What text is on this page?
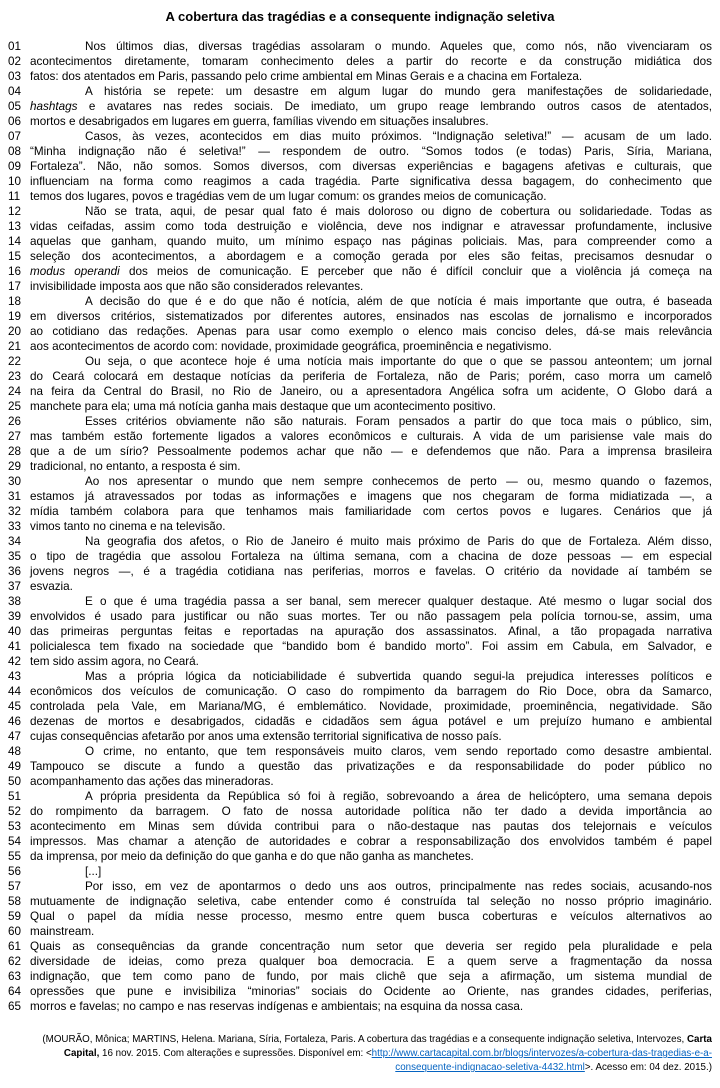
A cobertura das tragédias e a consequente indignação seletiva
01	Nos últimos dias, diversas tragédias assolaram o mundo. Aqueles que, como nós, não vivenciaram os
02 acontecimentos diretamente, tomaram conhecimento deles a partir do recorte e da construção midiática dos
03 fatos: dos atentados em Paris, passando pelo crime ambiental em Minas Gerais e a chacina em Fortaleza.
04	A história se repete: um desastre em algum lugar do mundo gera manifestações de solidariedade,
05 hashtags e avatares nas redes sociais. De imediato, um grupo reage lembrando outros casos de atentados,
06 mortos e desabrigados em lugares em guerra, famílias vivendo em situações insalubres.
07	Casos, às vezes, acontecidos em dias muito próximos. “Indignação seletiva!” — acusam de um lado.
08 “Minha indignação não é seletiva!” — respondem de outro. “Somos todos (e todas) Paris, Síria, Mariana,
09 Fortaleza”. Não, não somos. Somos diversos, com diversas experiências e bagagens afetivas e culturais, que
10 influenciam na forma como reagimos a cada tragédia. Parte significativa dessa bagagem, do conhecimento que
11 temos dos lugares, povos e tragédias vem de um lugar comum: os grandes meios de comunicação.
12	Não se trata, aqui, de pesar qual fato é mais doloroso ou digno de cobertura ou solidariedade. Todas as
13 vidas ceifadas, assim como toda destruição e violência, deve nos indignar e atravessar profundamente, inclusive
14 aquelas que ganham, quando muito, um mínimo espaço nas páginas policiais. Mas, para compreender como a
15 seleção dos acontecimentos, a abordagem e a comoção gerada por eles são feitas, precisamos desnudar o
16 modus operandi dos meios de comunicação. E perceber que não é difícil concluir que a violência já começa na
17 invisibilidade imposta aos que não são considerados relevantes.
18	A decisão do que é e do que não é notícia, além de que notícia é mais importante que outra, é baseada
19 em diversos critérios, sistematizados por diferentes autores, ensinados nas escolas de jornalismo e incorporados
20 ao cotidiano das redações. Apenas para usar como exemplo o elenco mais conciso deles, dá-se mais relevância
21 aos acontecimentos de acordo com: novidade, proximidade geográfica, proeminência e negativismo.
22	Ou seja, o que acontece hoje é uma notícia mais importante do que o que se passou anteontem; um jornal
23 do Ceará colocará em destaque notícias da periferia de Fortaleza, não de Paris; porém, caso morra um camelô
24 na feira da Central do Brasil, no Rio de Janeiro, ou a apresentadora Angélica sofra um acidente, O Globo dará a
25 manchete para ela; uma má notícia ganha mais destaque que um acontecimento positivo.
26	Esses critérios obviamente não são naturais. Foram pensados a partir do que toca mais o público, sim,
27 mas também estão fortemente ligados a valores econômicos e culturais. A vida de um parisiense vale mais do
28 que a de um sírio? Pessoalmente podemos achar que não — e defendemos que não. Para a imprensa brasileira
29 tradicional, no entanto, a resposta é sim.
30	Ao nos apresentar o mundo que nem sempre conhecemos de perto — ou, mesmo quando o fazemos,
31 estamos já atravessados por todas as informações e imagens que nos chegaram de forma midiatizada —, a
32 mídia também colabora para que tenhamos mais familiaridade com certos povos e lugares. Cenários que já
33 vimos tanto no cinema e na televisão.
34	Na geografia dos afetos, o Rio de Janeiro é muito mais próximo de Paris do que de Fortaleza. Além disso,
35 o tipo de tragédia que assolou Fortaleza na última semana, com a chacina de doze pessoas — em especial
36 jovens negros —, é a tragédia cotidiana nas periferias, morros e favelas. O critério da novidade aí também se
37 esvazia.
38	E o que é uma tragédia passa a ser banal, sem merecer qualquer destaque. Até mesmo o lugar social dos
39 envolvidos é usado para justificar ou não suas mortes. Ter ou não passagem pela polícia tornou-se, assim, uma
40 das primeiras perguntas feitas e reportadas na apuração dos assassinatos. Afinal, a tão propagada narrativa
41 policialesca tem fixado na sociedade que “bandido bom é bandido morto”. Foi assim em Cabula, em Salvador, e
42 tem sido assim agora, no Ceará.
43	Mas a própria lógica da noticiabilidade é subvertida quando segui-la prejudica interesses políticos e
44 econômicos dos veículos de comunicação. O caso do rompimento da barragem do Rio Doce, obra da Samarco,
45 controlada pela Vale, em Mariana/MG, é emblemático. Novidade, proximidade, proeminência, negatividade. São
46 dezenas de mortos e desabrigados, cidadãs e cidadãos sem água potável e um prejuízo humano e ambiental
47 cujas consequências afetarão por anos uma extensão territorial significativa de nosso país.
48	O crime, no entanto, que tem responsáveis muito claros, vem sendo reportado como desastre ambiental.
49 Tampouco se discute a fundo a questão das privatizações e da responsabilidade do poder público no
50 acompanhamento das ações das mineradoras.
51	A própria presidenta da República só foi à região, sobrevoando a área de helicóptero, uma semana depois
52 do rompimento da barragem. O fato de nossa autoridade política não ter dado a devida importância ao
53 acontecimento em Minas sem dúvida contribui para o não-destaque nas pautas dos telejornais e veículos
54 impressos. Mas chamar a atenção de autoridades e cobrar a responsabilização dos envolvidos também é papel
55 da imprensa, por meio da definição do que ganha e do que não ganha as manchetes.
56	[...]
57	Por isso, em vez de apontarmos o dedo uns aos outros, principalmente nas redes sociais, acusando-nos
58 mutuamente de indignação seletiva, cabe entender como é construída tal seleção no nosso próprio imaginário.
59 Qual o papel da mídia nesse processo, mesmo entre quem busca coberturas e veículos alternativos ao
60 mainstream.
61 Quais as consequências da grande concentração num setor que deveria ser regido pela pluralidade e pela
62 diversidade de ideias, como preza qualquer boa democracia. E a quem serve a fragmentação da nossa
63 indignação, que tem como pano de fundo, por mais clichê que seja a afirmação, um sistema mundial de
64 opressões que pune e invisibiliza “minorias” sociais do Ocidente ao Oriente, nas grandes cidades, periferias,
65 morros e favelas; no campo e nas reservas indígenas e ambientais; na esquina da nossa casa.
(MOURÃO, Mônica; MARTINS, Helena. Mariana, Síria, Fortaleza, Paris. A cobertura das tragédias e a consequente indignação seletiva, Intervozes, Carta Capital, 16 nov. 2015. Com alterações e supressões. Disponível em: <http://www.cartacapital.com.br/blogs/intervozes/a-cobertura-das-tragedias-e-a-consequente-indignacao-seletiva-4432.html>. Acesso em: 04 dez. 2015.)
